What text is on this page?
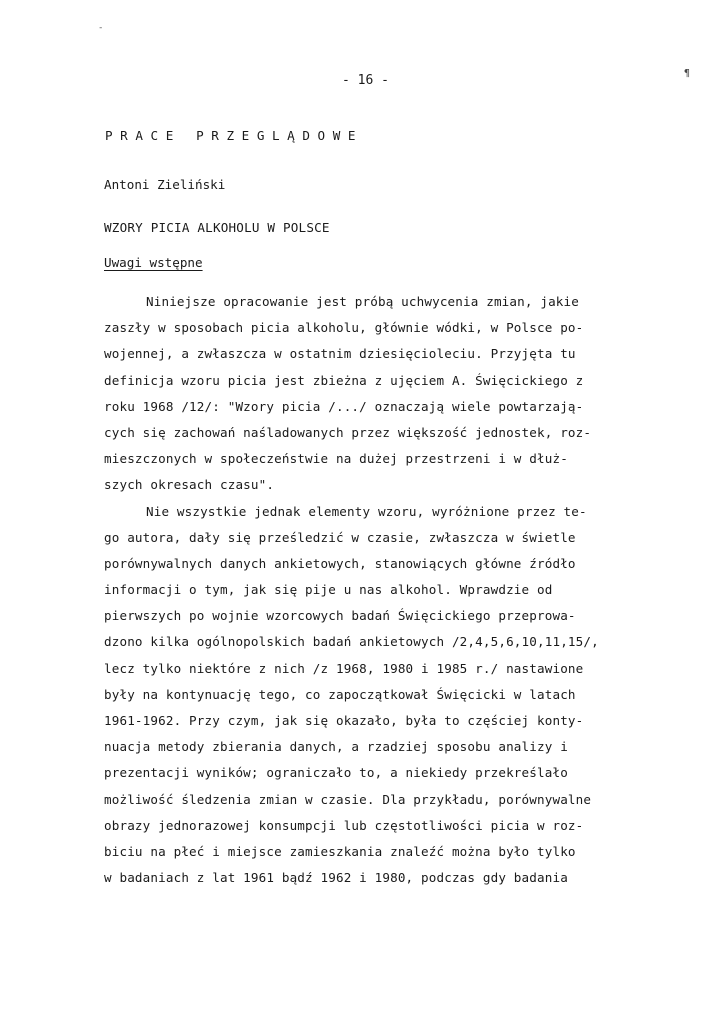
-
- 16 -	¶
PRACE PRZEGLĄDOWE
Antoni Zieliński
WZORY PICIA ALKOHOLU W POLSCE
Uwagi wstępne
Niniejsze opracowanie jest próbą uchwycenia zmian, jakie
zaszły w sposobach picia alkoholu, głównie wódki, w Polsce po-
wojennej, a zwłaszcza w ostatnim dziesięcioleciu. Przyjęta tu
definicja wzoru picia jest zbieżna z ujęciem A. Święcickiego z
roku 1968 /12/: "Wzory picia /.../ oznaczają wiele powtarzają-
cych się zachowań naśladowanych przez większość jednostek, roz-
mieszczonych w społeczeństwie na dużej przestrzeni i w dłuż-
szych okresach czasu".
Nie wszystkie jednak elementy wzoru, wyróżnione przez te-
go autora, dały się prześledzić w czasie, zwłaszcza w świetle
porównywalnych danych ankietowych, stanowiących główne źródło
informacji o tym, jak się pije u nas alkohol. Wprawdzie od
pierwszych po wojnie wzorcowych badań Święcickiego przeprowa-
dzono kilka ogólnopolskich badań ankietowych /2,4,5,6,10,11,15/,
lecz tylko niektóre z nich /z 1968, 1980 i 1985 r./ nastawione
były na kontynuację tego, co zapoczątkował Święcicki w latach
1961-1962. Przy czym, jak się okazało, była to częściej konty-
nuacja metody zbierania danych, a rzadziej sposobu analizy i
prezentacji wyników; ograniczało to, a niekiedy przekreślało
możliwość śledzenia zmian w czasie. Dla przykładu, porównywalne
obrazy jednorazowej konsumpcji lub częstotliwości picia w roz-
biciu na płeć i miejsce zamieszkania znaleźć można było tylko
w badaniach z lat 1961 bądź 1962 i 1980, podczas gdy badania
